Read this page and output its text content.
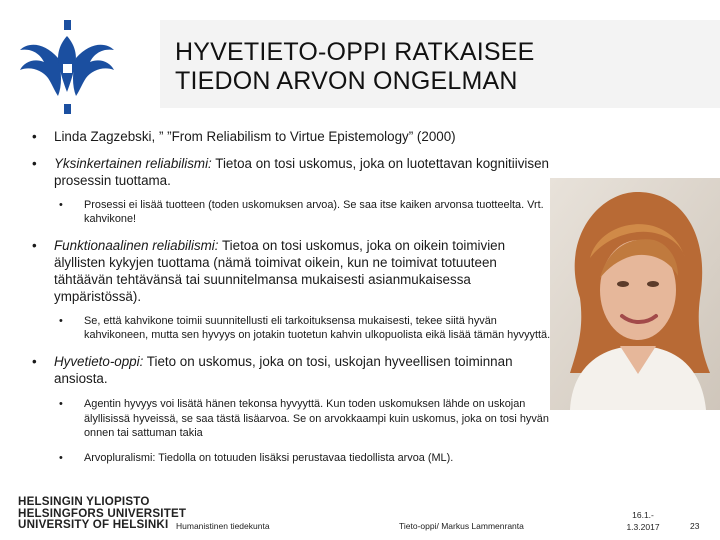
HYVETIETO-OPPI RATKAISEE
TIEDON ARVON ONGELMAN
• Linda Zagzebski, ” ”From Reliabilism to Virtue Epistemology” (2000)
• Yksinkertainen reliabilismi: Tietoa on tosi uskomus, joka on luotettavan kognitiivisen prosessin tuottama.
• Prosessi ei lisää tuotteen (toden uskomuksen arvoa). Se saa itse kaiken arvonsa tuotteelta. Vrt. kahvikone!
• Funktionaalinen reliabilismi: Tietoa on tosi uskomus, joka on oikein toimivien älyllisten kykyjen tuottama (nämä toimivat oikein, kun ne toimivat totuuteen tähtäävän tehtävänsä tai suunnitelmansa mukaisesti asianmukaisessa ympäristössä).
• Se, että kahvikone toimii suunnitellusti eli tarkoituksensa mukaisesti, tekee siitä hyvän kahvikoneen, mutta sen hyvyys on jotakin tuotetun kahvin ulkopuolista eikä lisää tämän hyvyyttä.
• Hyvetieto-oppi: Tieto on uskomus, joka on tosi, uskojan hyveellisen toiminnan ansiosta.
• Agentin hyvyys voi lisätä hänen tekonsa hyvyyttä. Kun toden uskomuksen lähde on uskojan älyllisissä hyveissä, se saa tästä lisäarvoa. Se on arvokkaampi kuin uskomus, joka on tosi hyvän onnen tai sattuman takia
• Arvopluralismi: Tiedolla on totuuden lisäksi perustavaa tiedollista arvoa (ML).
HELSINGIN YLIOPISTO
HELSINGFORS UNIVERSITET
UNIVERSITY OF HELSINKI Humanistinen tiedekunta	Tieto-oppi/ Markus Lammenranta
16.1.-
1.3.2017	23
